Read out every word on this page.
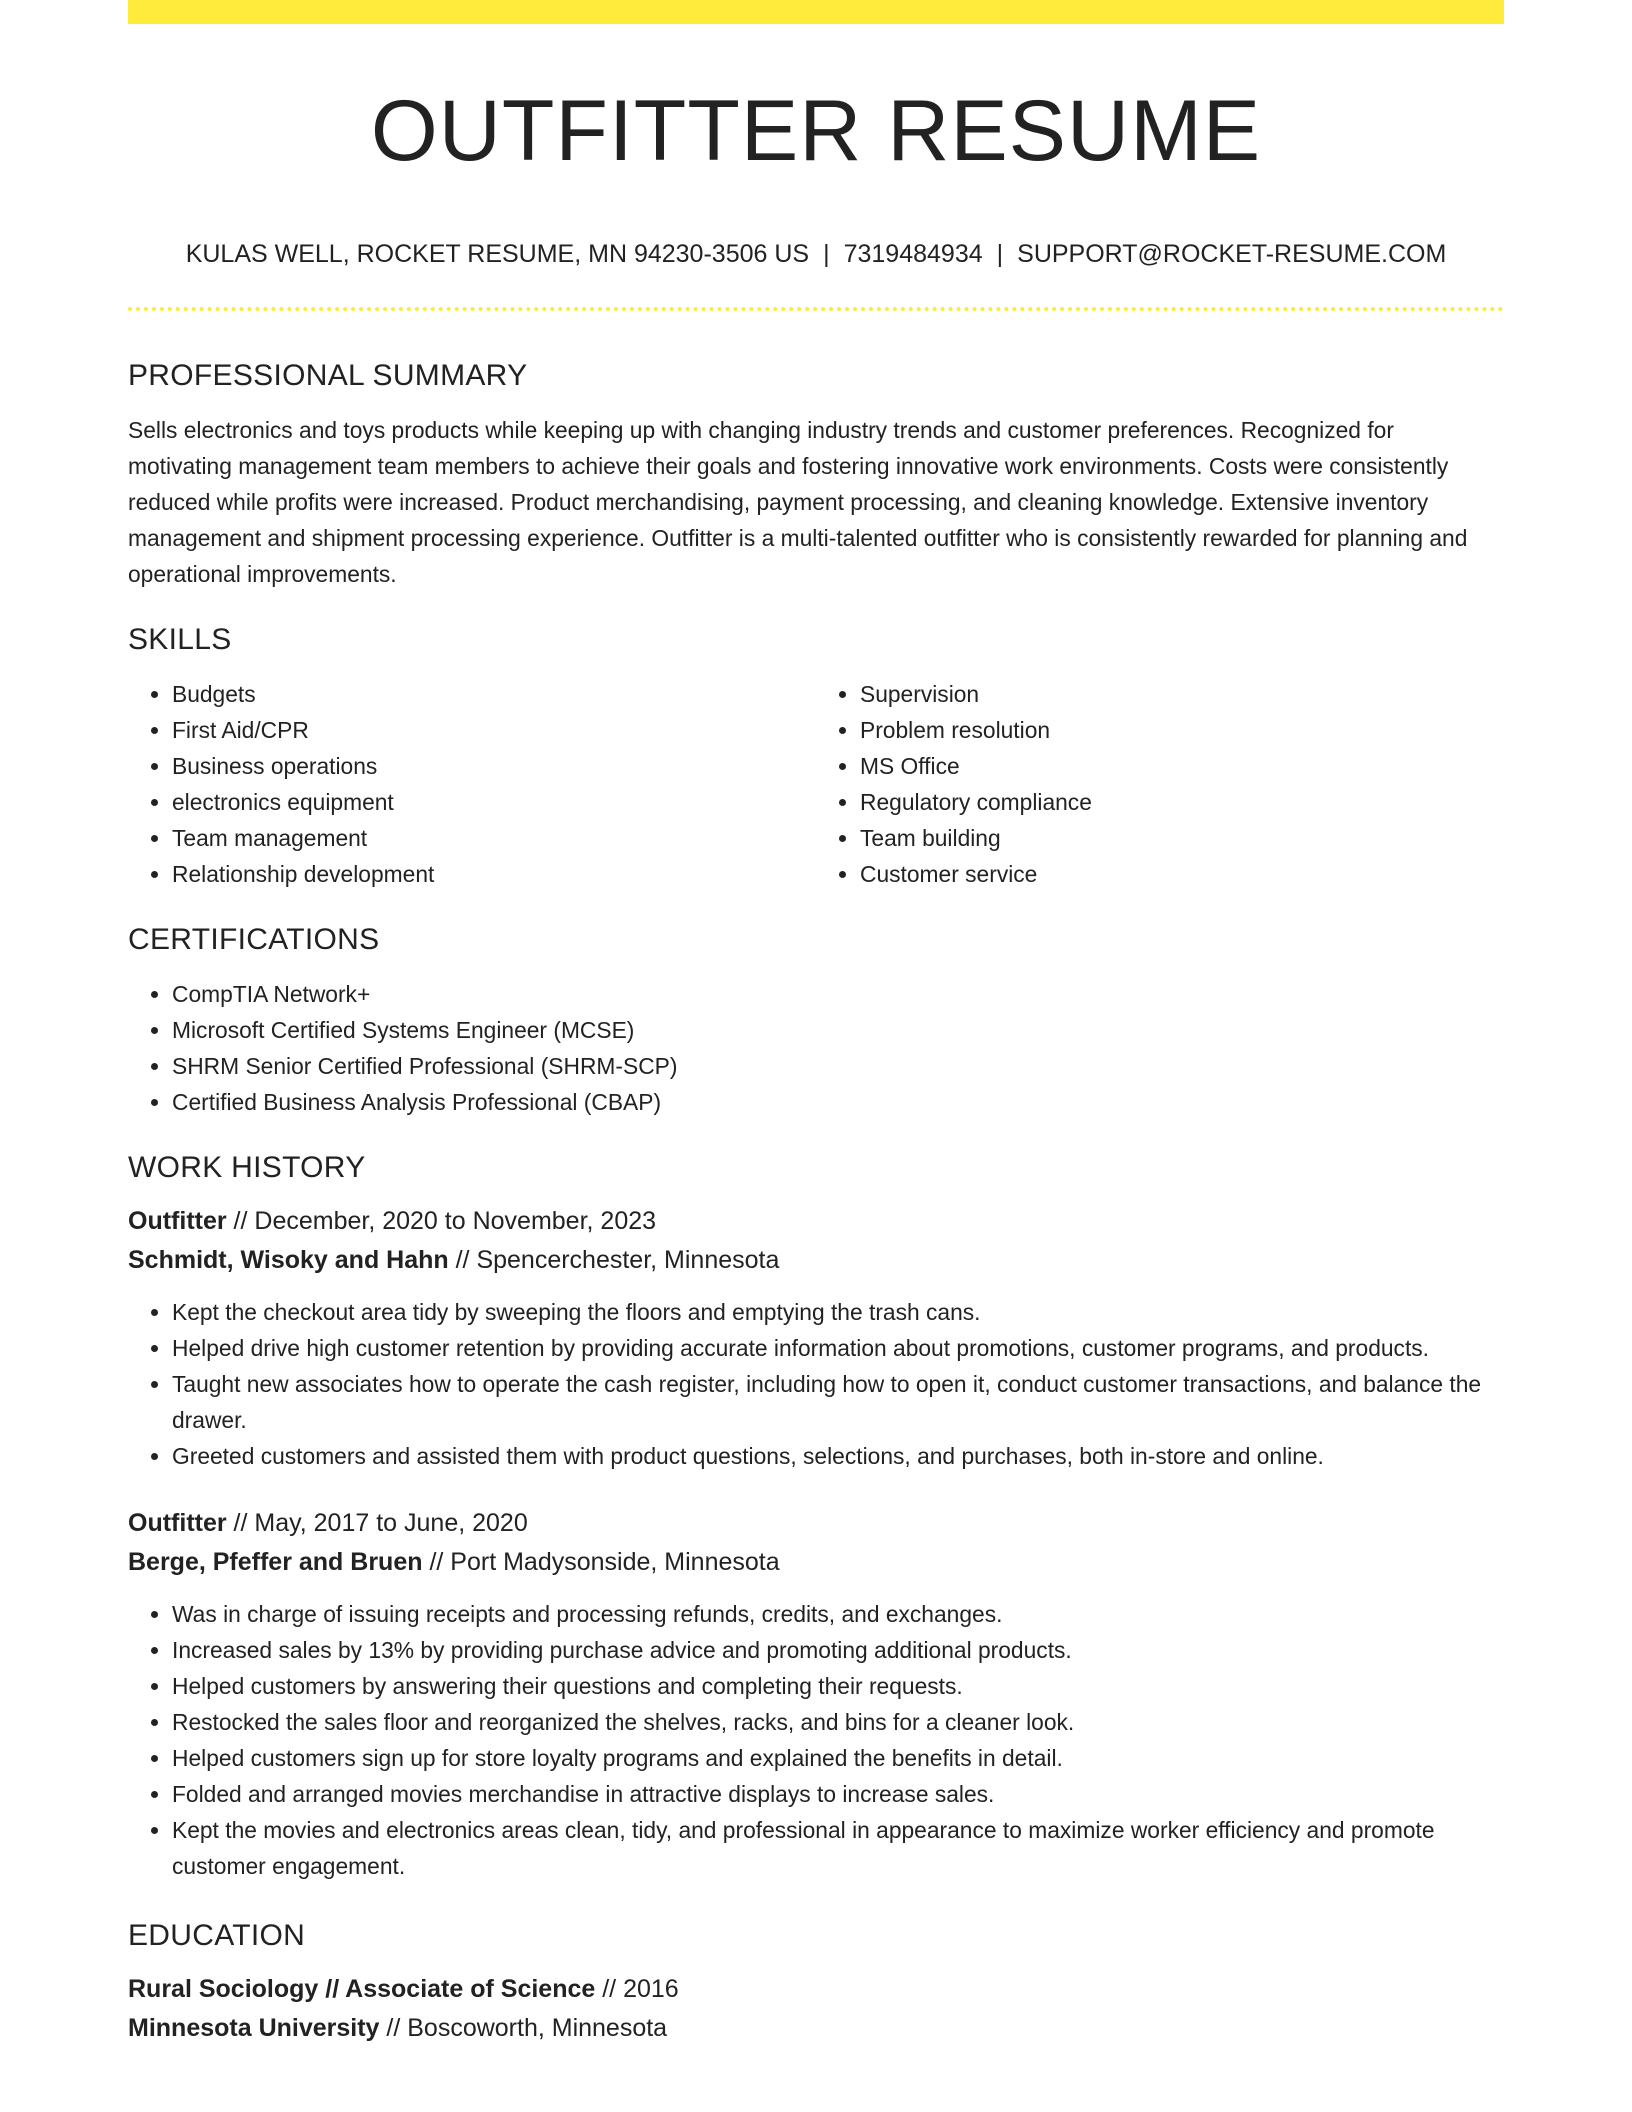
OUTFITTER RESUME
KULAS WELL, ROCKET RESUME, MN 94230-3506 US | 7319484934 | SUPPORT@ROCKET-RESUME.COM
PROFESSIONAL SUMMARY

Sells electronics and toys products while keeping up with changing industry trends and customer preferences. Recognized for motivating management team members to achieve their goals and fostering innovative work environments. Costs were consistently reduced while profits were increased. Product merchandising, payment processing, and cleaning knowledge. Extensive inventory management and shipment processing experience. Outfitter is a multi-talented outfitter who is consistently rewarded for planning and operational improvements.

SKILLS
• Budgets
• First Aid/CPR
• Business operations
• electronics equipment
• Team management
• Relationship development
• Supervision
• Problem resolution
• MS Office
• Regulatory compliance
• Team building
• Customer service
CERTIFICATIONS
• CompTIA Network+
• Microsoft Certified Systems Engineer (MCSE)
• SHRM Senior Certified Professional (SHRM-SCP)
• Certified Business Analysis Professional (CBAP)
WORK HISTORY
Outfitter // December, 2020 to November, 2023
Schmidt, Wisoky and Hahn // Spencerchester, Minnesota
• Kept the checkout area tidy by sweeping the floors and emptying the trash cans.
• Helped drive high customer retention by providing accurate information about promotions, customer programs, and products.
• Taught new associates how to operate the cash register, including how to open it, conduct customer transactions, and balance the drawer.
• Greeted customers and assisted them with product questions, selections, and purchases, both in-store and online.
Outfitter // May, 2017 to June, 2020
Berge, Pfeffer and Bruen // Port Madysonside, Minnesota
• Was in charge of issuing receipts and processing refunds, credits, and exchanges.
• Increased sales by 13% by providing purchase advice and promoting additional products.
• Helped customers by answering their questions and completing their requests.
• Restocked the sales floor and reorganized the shelves, racks, and bins for a cleaner look.
• Helped customers sign up for store loyalty programs and explained the benefits in detail.
• Folded and arranged movies merchandise in attractive displays to increase sales.
• Kept the movies and electronics areas clean, tidy, and professional in appearance to maximize worker efficiency and promote customer engagement.
EDUCATION
Rural Sociology // Associate of Science // 2016
Minnesota University // Boscoworth, Minnesota
